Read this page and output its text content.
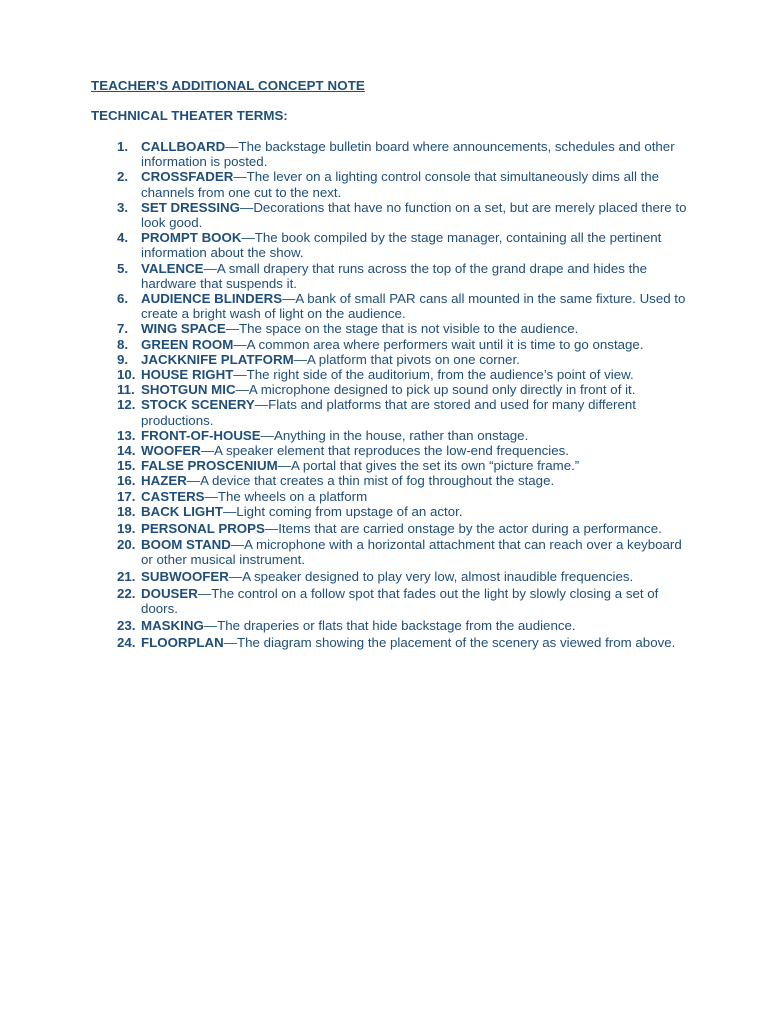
TEACHER'S ADDITIONAL CONCEPT NOTE
TECHNICAL THEATER TERMS:
1. CALLBOARD—The backstage bulletin board where announcements, schedules and other information is posted.
2. CROSSFADER—The lever on a lighting control console that simultaneously dims all the channels from one cut to the next.
3. SET DRESSING—Decorations that have no function on a set, but are merely placed there to look good.
4. PROMPT BOOK—The book compiled by the stage manager, containing all the pertinent information about the show.
5. VALENCE—A small drapery that runs across the top of the grand drape and hides the hardware that suspends it.
6. AUDIENCE BLINDERS—A bank of small PAR cans all mounted in the same fixture. Used to create a bright wash of light on the audience.
7. WING SPACE—The space on the stage that is not visible to the audience.
8. GREEN ROOM—A common area where performers wait until it is time to go onstage.
9. JACKKNIFE PLATFORM—A platform that pivots on one corner.
10. HOUSE RIGHT—The right side of the auditorium, from the audience’s point of view.
11. SHOTGUN MIC—A microphone designed to pick up sound only directly in front of it.
12. STOCK SCENERY—Flats and platforms that are stored and used for many different productions.
13. FRONT-OF-HOUSE—Anything in the house, rather than onstage.
14. WOOFER—A speaker element that reproduces the low-end frequencies.
15. FALSE PROSCENIUM—A portal that gives the set its own “picture frame.”
16. HAZER—A device that creates a thin mist of fog throughout the stage.
17. CASTERS—The wheels on a platform
18. BACK LIGHT—Light coming from upstage of an actor.
19. PERSONAL PROPS—Items that are carried onstage by the actor during a performance.
20. BOOM STAND—A microphone with a horizontal attachment that can reach over a keyboard or other musical instrument.
21. SUBWOOFER—A speaker designed to play very low, almost inaudible frequencies.
22. DOUSER—The control on a follow spot that fades out the light by slowly closing a set of doors.
23. MASKING—The draperies or flats that hide backstage from the audience.
24. FLOORPLAN—The diagram showing the placement of the scenery as viewed from above.
